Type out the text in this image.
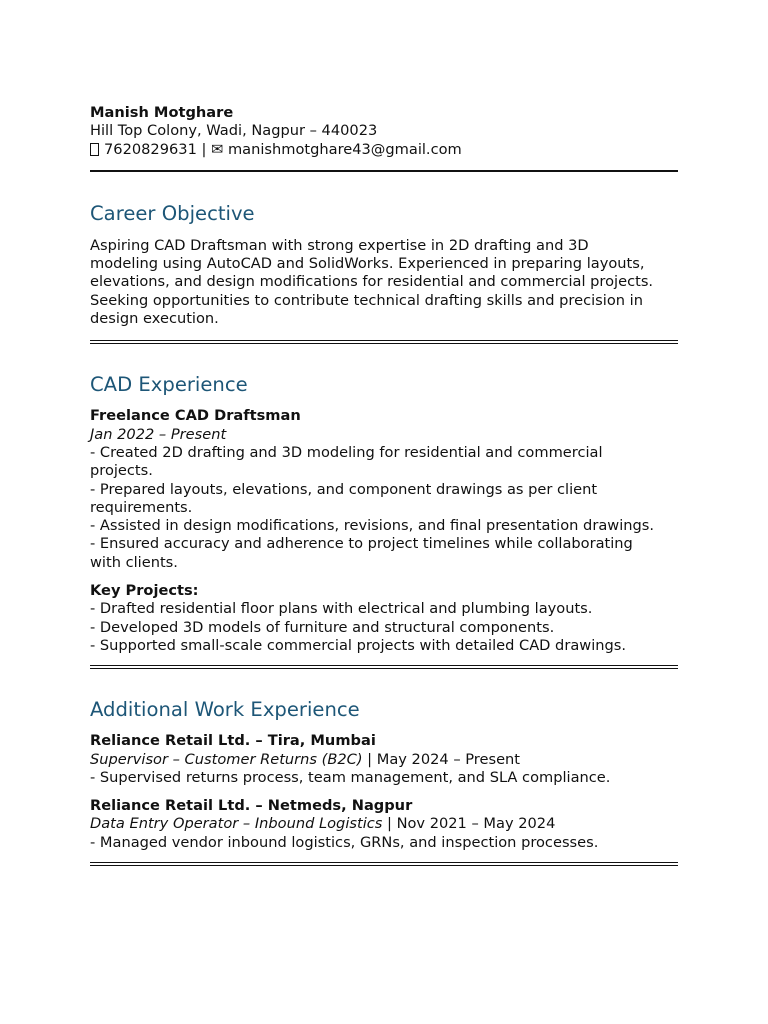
Manish Motghare
Hill Top Colony, Wadi, Nagpur – 440023
7620829631 | ✉ manishmotghare43@gmail.com
Career Objective
Aspiring CAD Draftsman with strong expertise in 2D drafting and 3D
modeling using AutoCAD and SolidWorks. Experienced in preparing layouts,
elevations, and design modifications for residential and commercial projects.
Seeking opportunities to contribute technical drafting skills and precision in
design execution.
CAD Experience
Freelance CAD Draftsman
Jan 2022 – Present
- Created 2D drafting and 3D modeling for residential and commercial
projects.
- Prepared layouts, elevations, and component drawings as per client
requirements.
- Assisted in design modifications, revisions, and final presentation drawings.
- Ensured accuracy and adherence to project timelines while collaborating
with clients.
Key Projects:
- Drafted residential floor plans with electrical and plumbing layouts.
- Developed 3D models of furniture and structural components.
- Supported small-scale commercial projects with detailed CAD drawings.
Additional Work Experience
Reliance Retail Ltd. – Tira, Mumbai
Supervisor – Customer Returns (B2C) | May 2024 – Present
- Supervised returns process, team management, and SLA compliance.
Reliance Retail Ltd. – Netmeds, Nagpur
Data Entry Operator – Inbound Logistics | Nov 2021 – May 2024
- Managed vendor inbound logistics, GRNs, and inspection processes.
